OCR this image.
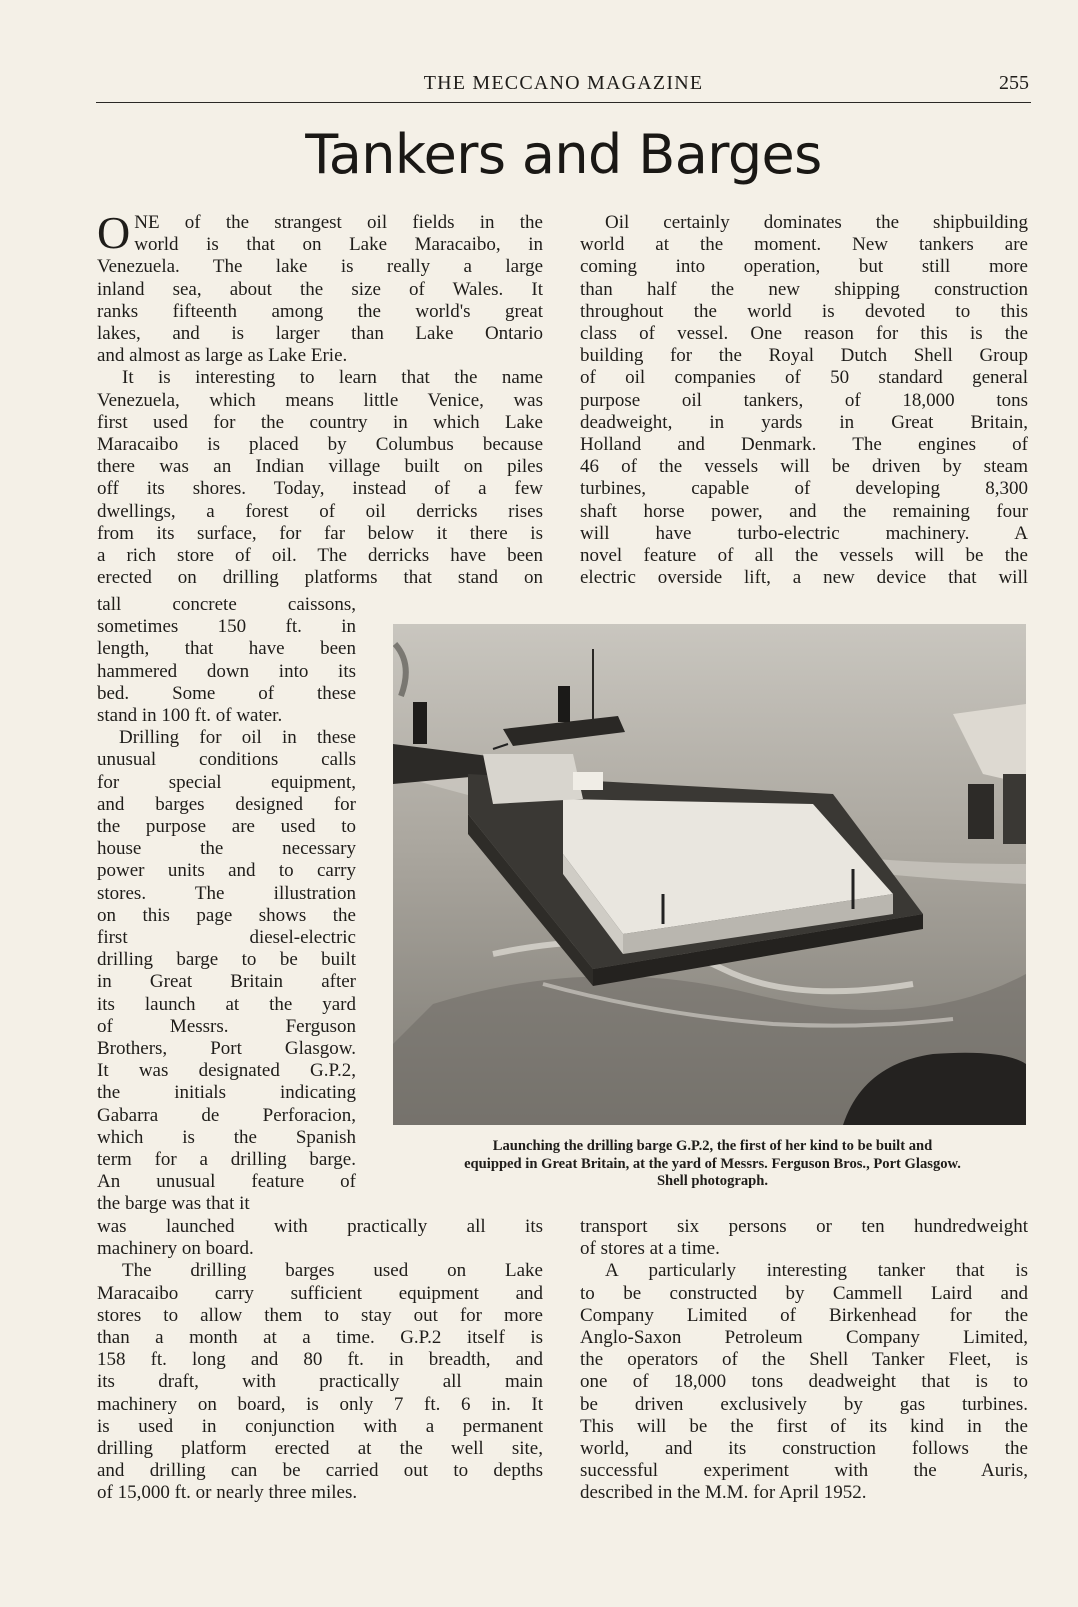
THE MECCANO MAGAZINE	255
Tankers and Barges

ONE of the strangest oil fields in the
world is that on Lake Maracaibo, in
Venezuela. The lake is really a large
inland sea, about the size of Wales. It
ranks fifteenth among the world's great
lakes, and is larger than Lake Ontario

and almost as large as Lake Erie.

It is interesting to learn that the name
Venezuela, which means little Venice, was
first used for the country in which Lake
Maracaibo is placed by Columbus because
there was an Indian village built on piles
off its shores. Today, instead of a few
dwellings, a forest of oil derricks rises
from its surface, for far below it there is
a rich store of oil. The derricks have been
erected on drilling platforms that stand on

tall concrete caissons,

sometimes 150 ft. in

length, that have been

hammered down into its

bed. Some of these

stand in 100 ft. of water.

Drilling for oil in these

unusual conditions calls

for special equipment,

and barges designed for

the purpose are used to

house the necessary

power units and to carry

stores. The illustration

on this page shows the

first diesel-electric

drilling barge to be built

in Great Britain after

its launch at the yard

of Messrs. Ferguson

Brothers, Port Glasgow.

It was designated G.P.2,

the initials indicating

Gabarra de Perforacion,

which is the Spanish

term for a drilling barge.

An unusual feature of

the barge was that it

was launched with practically all its

machinery on board.

The drilling barges used on Lake

Maracaibo carry sufficient equipment and

stores to allow them to stay out for more

than a month at a time. G.P.2 itself is

158 ft. long and 80 ft. in breadth, and

its draft, with practically all main

machinery on board, is only 7 ft. 6 in. It

is used in conjunction with a permanent

drilling platform erected at the well site,

and drilling can be carried out to depths

of 15,000 ft. or nearly three miles.

Oil certainly dominates the shipbuilding

world at the moment. New tankers are

coming into operation, but still more

than half the new shipping construction

throughout the world is devoted to this

class of vessel. One reason for this is the

building for the Royal Dutch Shell Group

of oil companies of 50 standard general

purpose oil tankers, of 18,000 tons

deadweight, in yards in Great Britain,

Holland and Denmark. The engines of

46 of the vessels will be driven by steam

turbines, capable of developing 8,300

shaft horse power, and the remaining four

will have turbo-electric machinery. A

novel feature of all the vessels will be the

electric overside lift, a new device that will

Launching the drilling barge G.P.2, the first of her kind to be built and

equipped in Great Britain, at the yard of Messrs. Ferguson Bros., Port Glasgow.

Shell photograph.

transport six persons or ten hundredweight

of stores at a time.

A particularly interesting tanker that is

to be constructed by Cammell Laird and

Company Limited of Birkenhead for the

Anglo-Saxon Petroleum Company Limited,

the operators of the Shell Tanker Fleet, is

one of 18,000 tons deadweight that is to

be driven exclusively by gas turbines.

This will be the first of its kind in the

world, and its construction follows the

successful experiment with the Auris,

described in the M.M. for April 1952.
